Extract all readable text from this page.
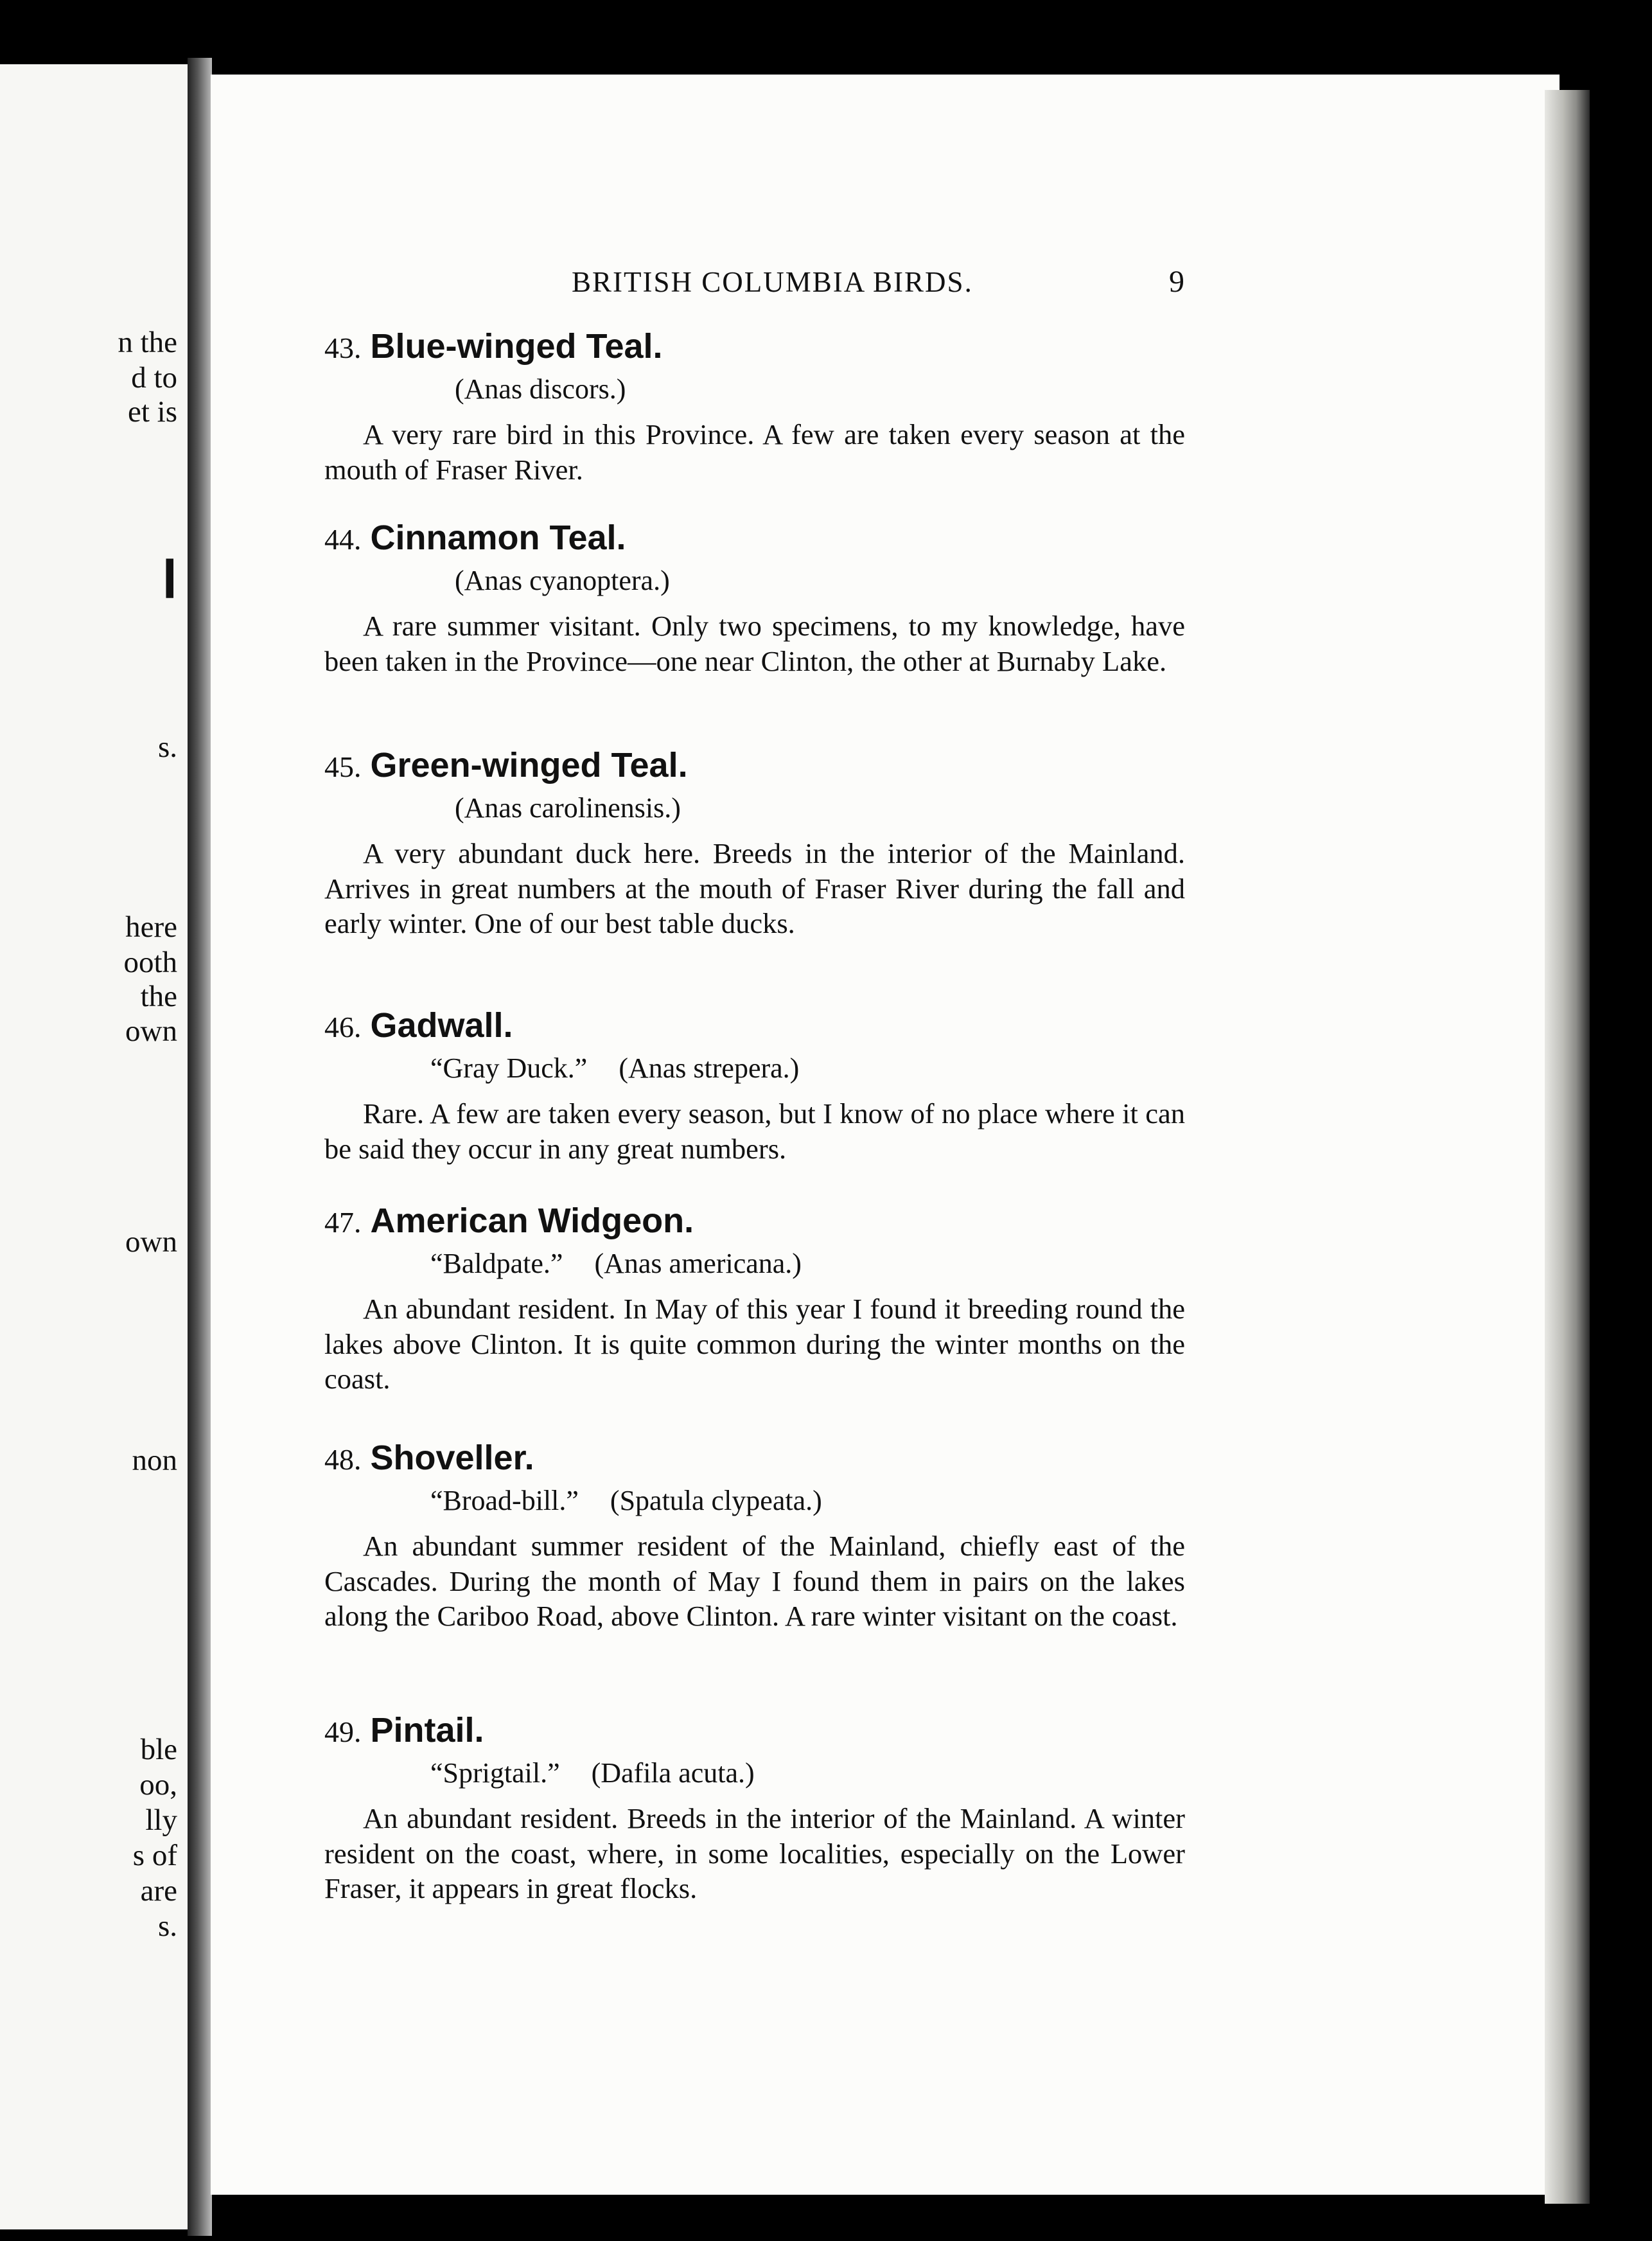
n the
d to
et is
l
s.
here
ooth
the
own
own
non
ble
oo,
lly
s of
are
s.
BRITISH COLUMBIA BIRDS.	9
43. Blue-winged Teal.
(Anas discors.)
A very rare bird in this Province. A few are taken every season at the mouth of Fraser River.
44. Cinnamon Teal.
(Anas cyanoptera.)
A rare summer visitant. Only two specimens, to my knowledge, have been taken in the Province—one near Clinton, the other at Burnaby Lake.
45. Green-winged Teal.
(Anas carolinensis.)
A very abundant duck here. Breeds in the interior of the Mainland. Arrives in great numbers at the mouth of Fraser River during the fall and early winter. One of our best table ducks.
46. Gadwall.
“Gray Duck.” (Anas strepera.)
Rare. A few are taken every season, but I know of no place where it can be said they occur in any great numbers.
47. American Widgeon.
“Baldpate.” (Anas americana.)
An abundant resident. In May of this year I found it breeding round the lakes above Clinton. It is quite common during the winter months on the coast.
48. Shoveller.
“Broad-bill.” (Spatula clypeata.)
An abundant summer resident of the Mainland, chiefly east of the Cascades. During the month of May I found them in pairs on the lakes along the Cariboo Road, above Clinton. A rare winter visitant on the coast.
49. Pintail.
“Sprigtail.” (Dafila acuta.)
An abundant resident. Breeds in the interior of the Mainland. A winter resident on the coast, where, in some localities, especially on the Lower Fraser, it appears in great flocks.
